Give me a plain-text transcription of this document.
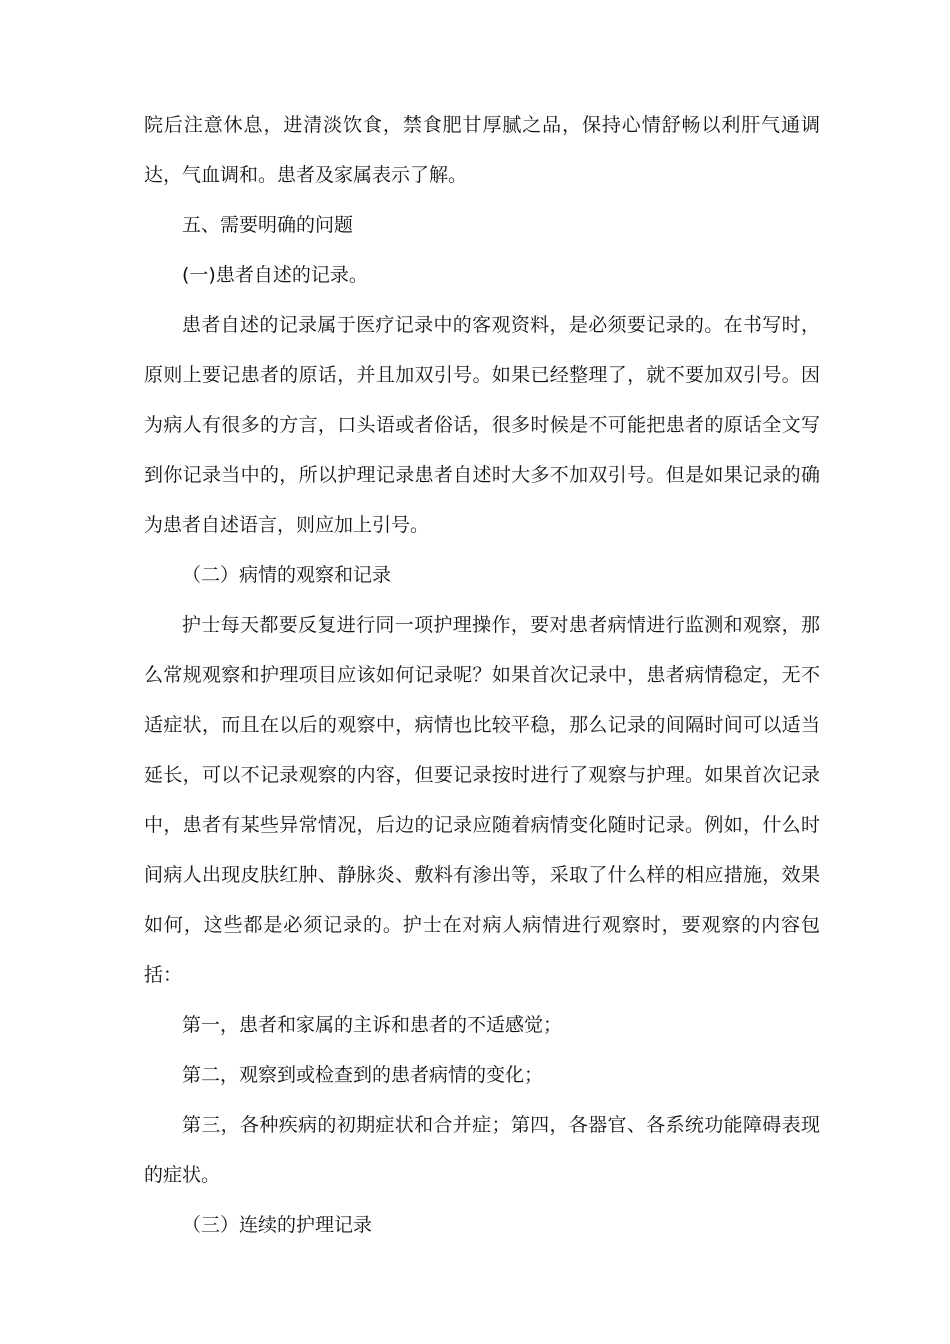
院后注意休息，进清淡饮食，禁食肥甘厚腻之品，保持心情舒畅以利肝气通调达，气血调和。患者及家属表示了解。

五、需要明确的问题

(一)患者自述的记录。

患者自述的记录属于医疗记录中的客观资料，是必须要记录的。在书写时，原则上要记患者的原话，并且加双引号。如果已经整理了，就不要加双引号。因为病人有很多的方言，口头语或者俗话，很多时候是不可能把患者的原话全文写到你记录当中的，所以护理记录患者自述时大多不加双引号。但是如果记录的确为患者自述语言，则应加上引号。

（二）病情的观察和记录

护士每天都要反复进行同一项护理操作，要对患者病情进行监测和观察，那么常规观察和护理项目应该如何记录呢？如果首次记录中，患者病情稳定，无不适症状，而且在以后的观察中，病情也比较平稳，那么记录的间隔时间可以适当延长，可以不记录观察的内容，但要记录按时进行了观察与护理。如果首次记录中，患者有某些异常情况，后边的记录应随着病情变化随时记录。例如，什么时间病人出现皮肤红肿、静脉炎、敷料有渗出等，采取了什么样的相应措施，效果如何，这些都是必须记录的。护士在对病人病情进行观察时，要观察的内容包括：

第一，患者和家属的主诉和患者的不适感觉；

第二，观察到或检查到的患者病情的变化；

第三，各种疾病的初期症状和合并症；第四，各器官、各系统功能障碍表现的症状。

（三）连续的护理记录
